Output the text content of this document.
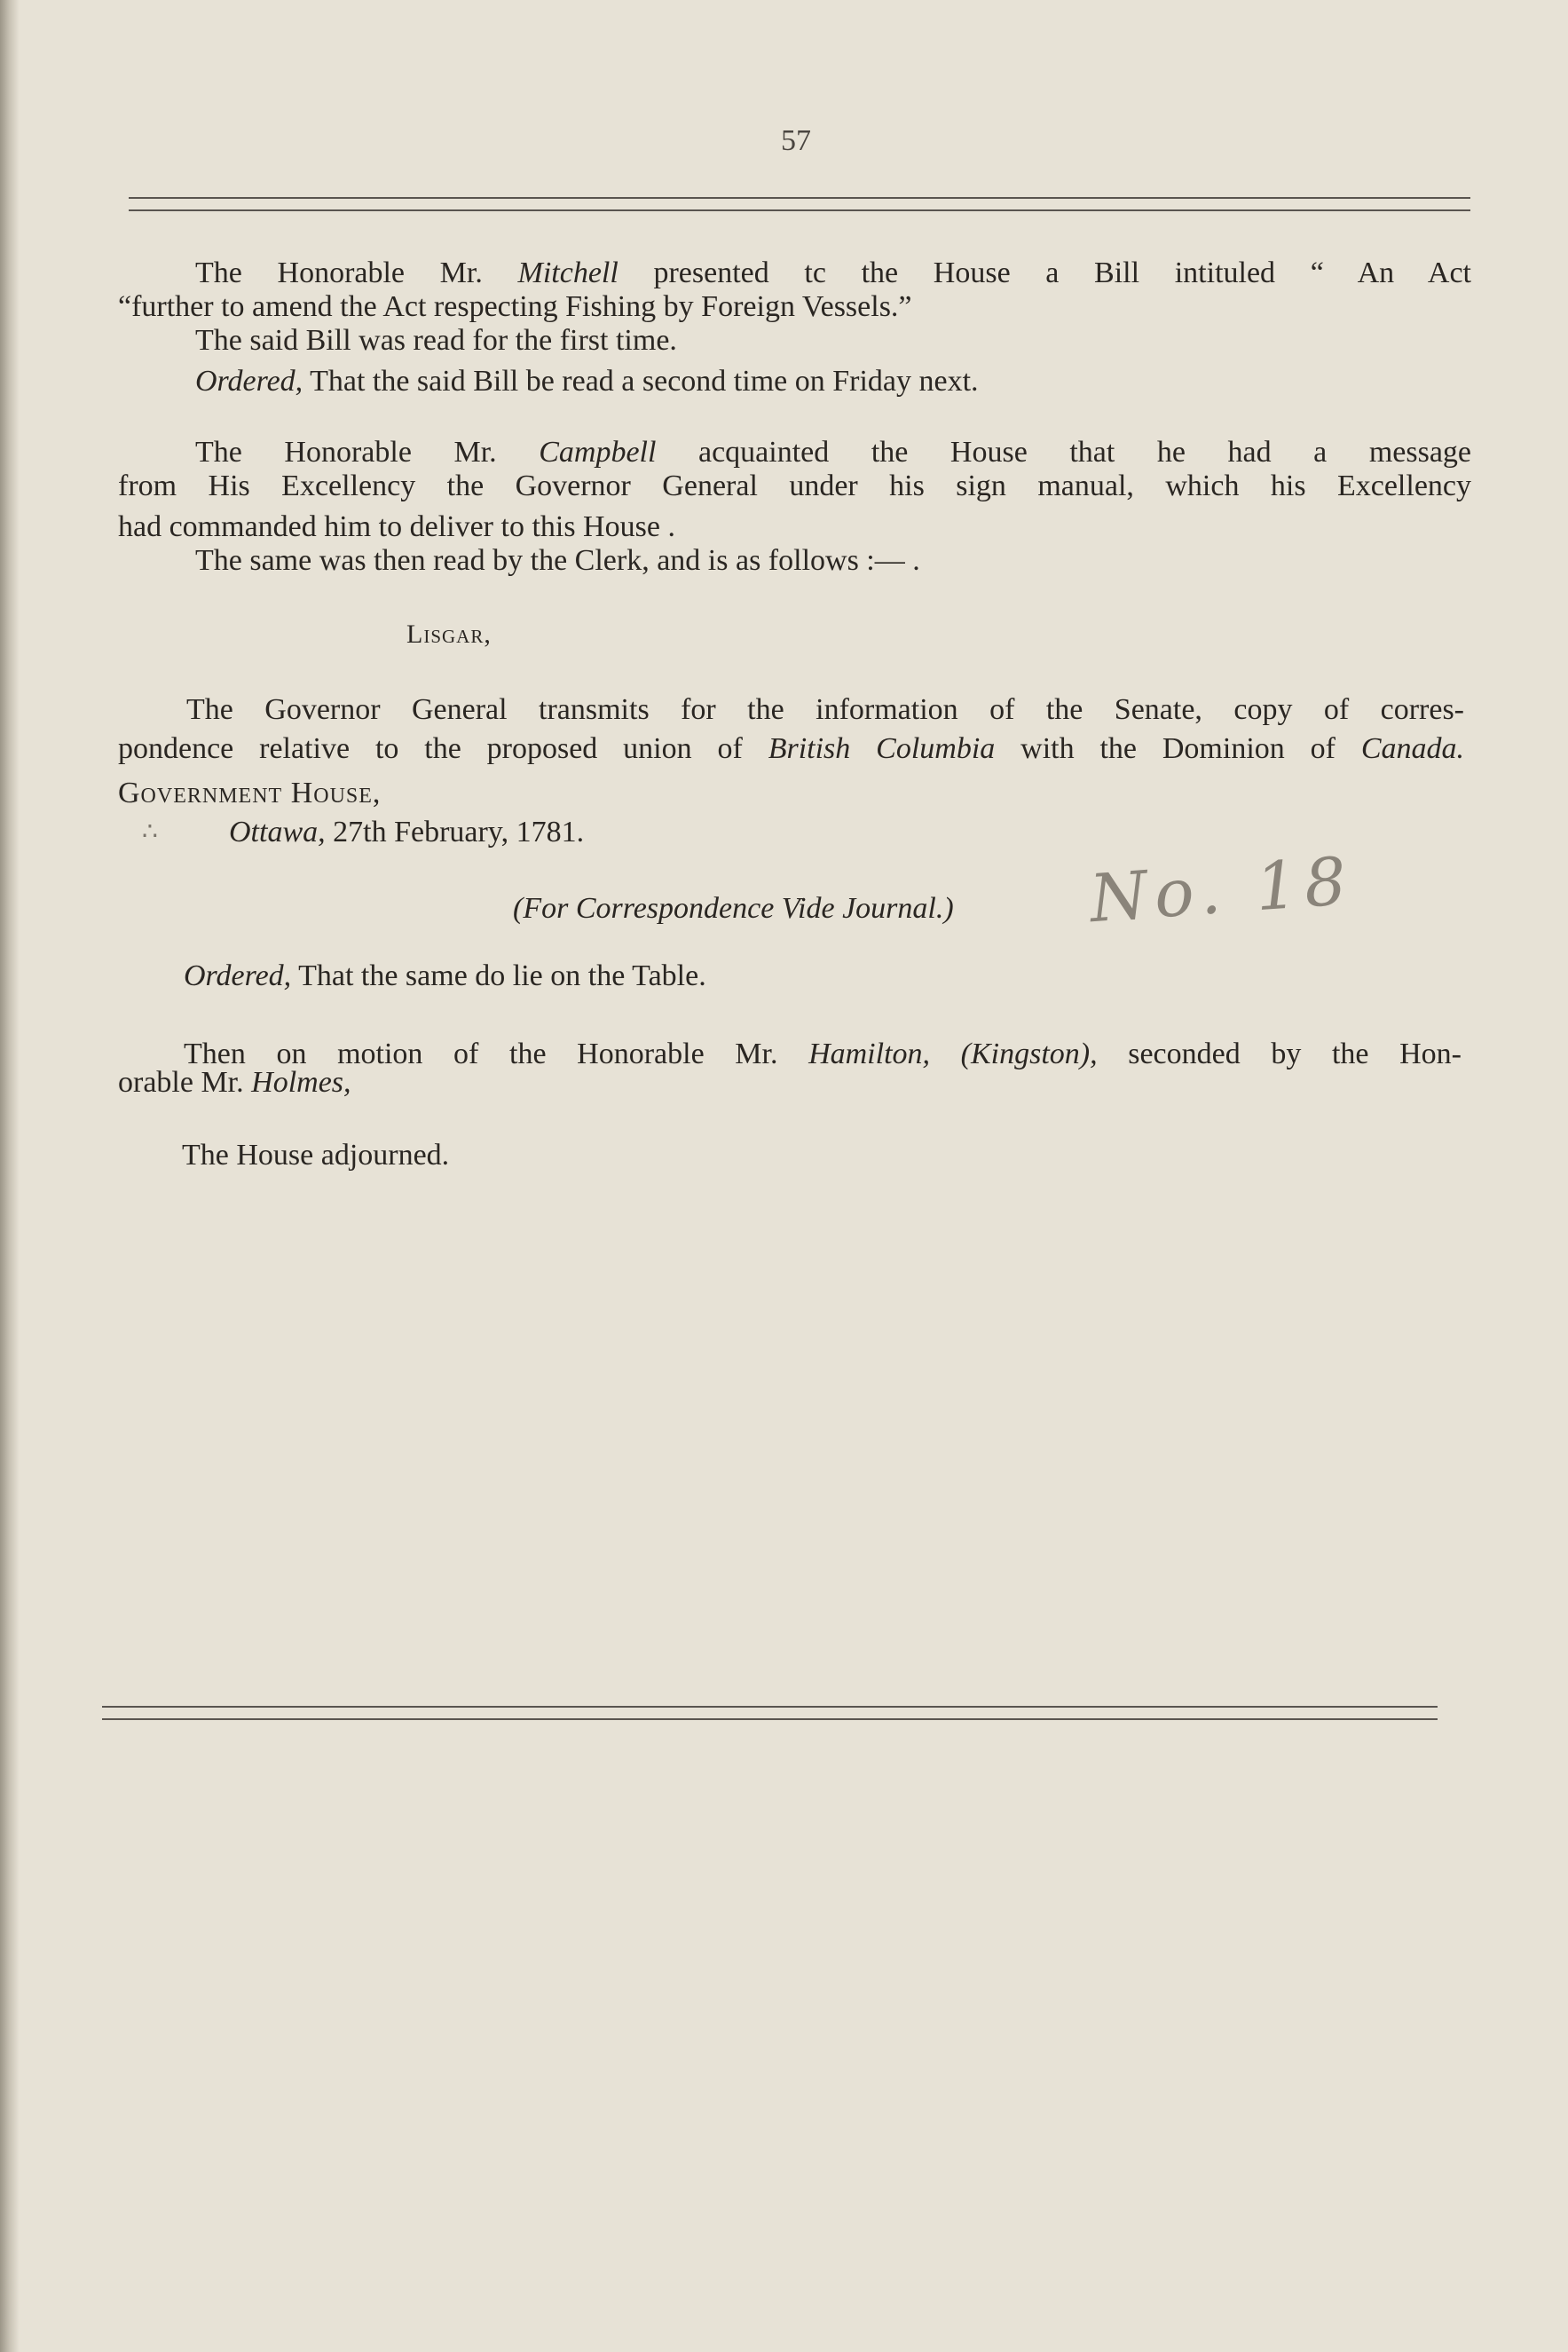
57
The Honorable Mr. Mitchell presented tc the House a Bill intituled “ An Act
“further to amend the Act respecting Fishing by Foreign Vessels.”
The said Bill was read for the first time.
Ordered, That the said Bill be read a second time on Friday next.
The Honorable Mr. Campbell acquainted the House that he had a message
from His Excellency the Governor General under his sign manual, which his Excellency
had commanded him to deliver to this House .
The same was then read by the Clerk, and is as follows :— .
Lisgar,
The Governor General transmits for the information of the Senate, copy of corres-
pondence relative to the proposed union of British Columbia with the Dominion of Canada.
Government House,
∴ Ottawa, 27th February, 1781.
(For Correspondence Vide Journal.) No. 18
Ordered, That the same do lie on the Table.
Then on motion of the Honorable Mr. Hamilton, (Kingston), seconded by the Hon-
orable Mr. Holmes,
The House adjourned.
